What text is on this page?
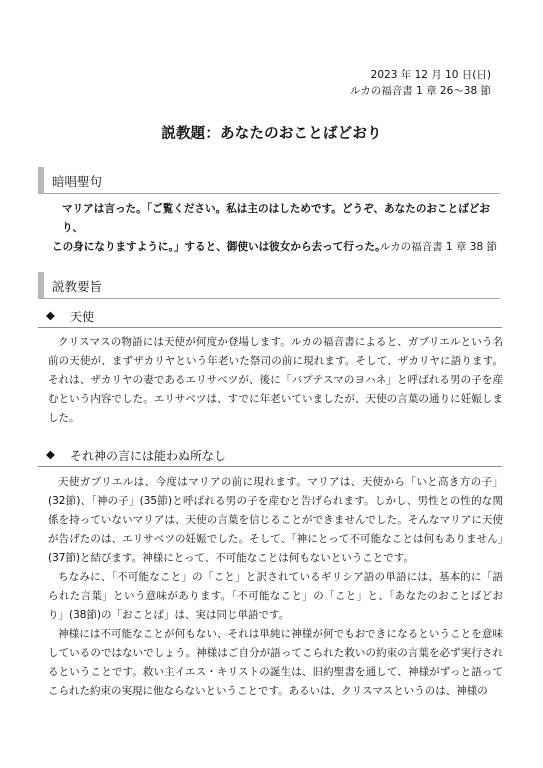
2023 年 12 月 10 日(日)
ルカの福音書 1 章 26～38 節
説教題：あなたのおことばどおり
暗唱聖句
マリアは言った。「ご覧ください。私は主のはしためです。どうぞ、あなたのおことばどおり、
この身になりますように。」すると、御使いは彼女から去って行った。
ルカの福音書 1 章 38 節
説教要旨
◆ 天使

クリスマスの物語には天使が何度か登場します。ルカの福音書によると、ガブリエルという名前の天使が、まずザカリヤという年老いた祭司の前に現れます。そして、ザカリヤに語ります。それは、ザカリヤの妻であるエリサベツが、後に「バプテスマのヨハネ」と呼ばれる男の子を産むという内容でした。エリサベツは、すでに年老いていましたが、天使の言葉の通りに妊娠しました。

◆ それ神の言には能わぬ所なし

天使ガブリエルは、今度はマリアの前に現れます。マリアは、天使から「いと高き方の子」(32節)、「神の子」(35節)と呼ばれる男の子を産むと告げられます。しかし、男性との性的な関係を持っていないマリアは、天使の言葉を信じることができませんでした。そんなマリアに天使が告げたのは、エリサベツの妊娠でした。そして、「神にとって不可能なことは何もありません」(37節)と結びます。神様にとって、不可能なことは何もないということです。

ちなみに、「不可能なこと」の「こと」と訳されているギリシア語の単語には、基本的に「語られた言葉」という意味があります。「不可能なこと」の「こと」と、「あなたのおことばどおり」(38節)の「おことば」は、実は同じ単語です。

神様には不可能なことが何もない、それは単純に神様が何でもおできになるということを意味しているのではないでしょう。神様はご自分が語ってこられた救いの約束の言葉を必ず実行されるということです。救い主イエス・キリストの誕生は、旧約聖書を通して、神様がずっと語ってこられた約束の実現に他ならないということです。あるいは、クリスマスというのは、神様の
